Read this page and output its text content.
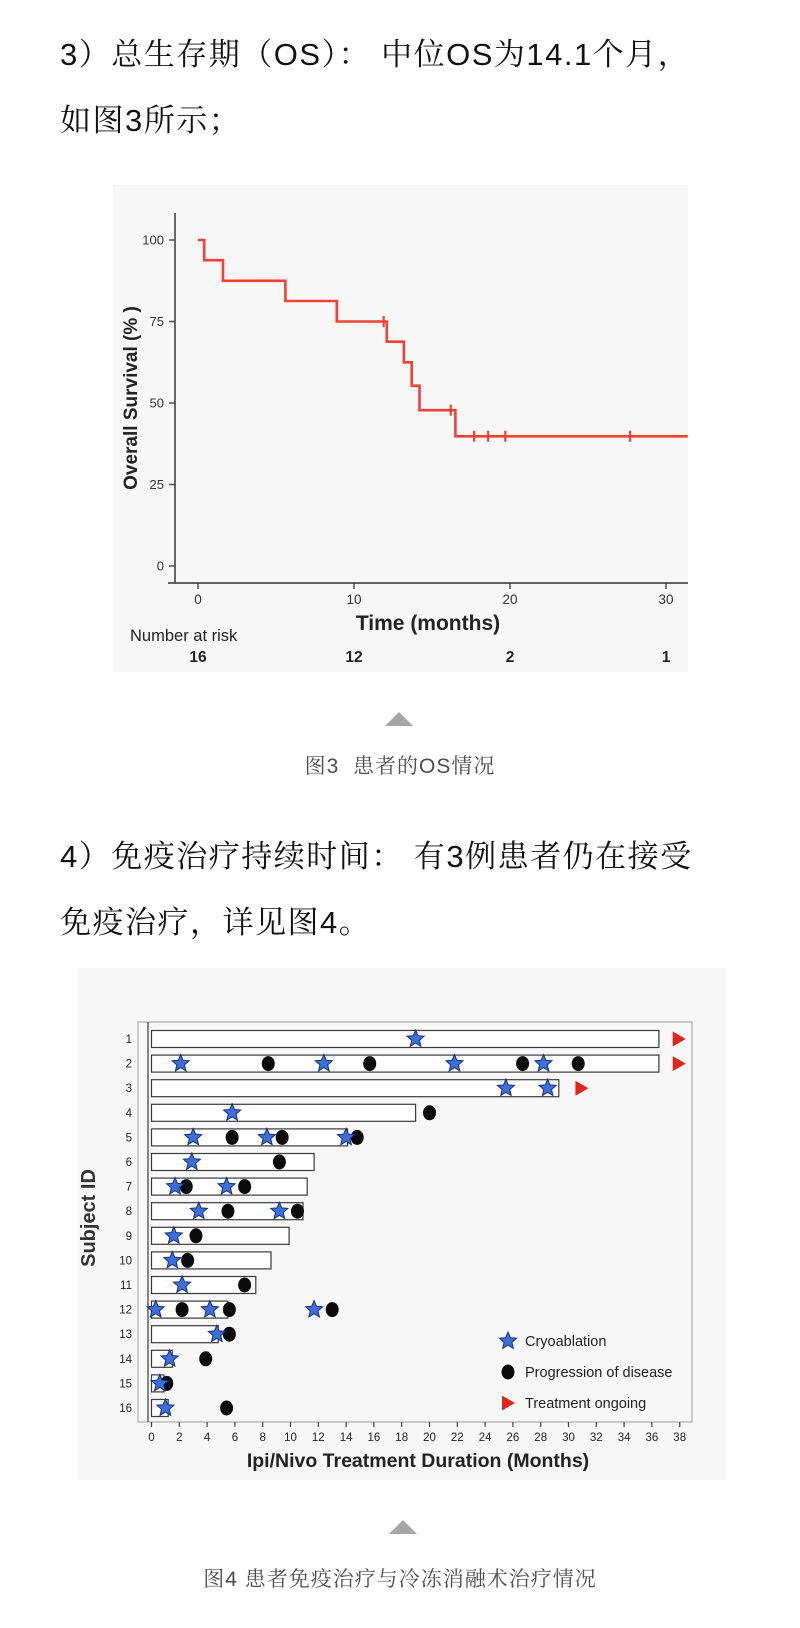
3）总生存期（OS）： 中位OS为14.1个月，
如图3所示；
0
25
50
75
100
0	10	20	30
Time (months)
Overall Survival (% )
Number at risk
16	12	2	1
图3  患者的OS情况
4）免疫治疗持续时间： 有3例患者仍在接受
免疫治疗，详见图4。
1
2
3
4
5
6
7
8
9
10
11
12
13
14
15
16
0 2 4 6 8 10 12 14 16 18 20 22 24 26 28 30 32 34 36 38
Ipi/Nivo Treatment Duration (Months)
Subject ID
Cryoablation
Progression of disease
Treatment ongoing
图4 患者免疫治疗与冷冻消融术治疗情况
